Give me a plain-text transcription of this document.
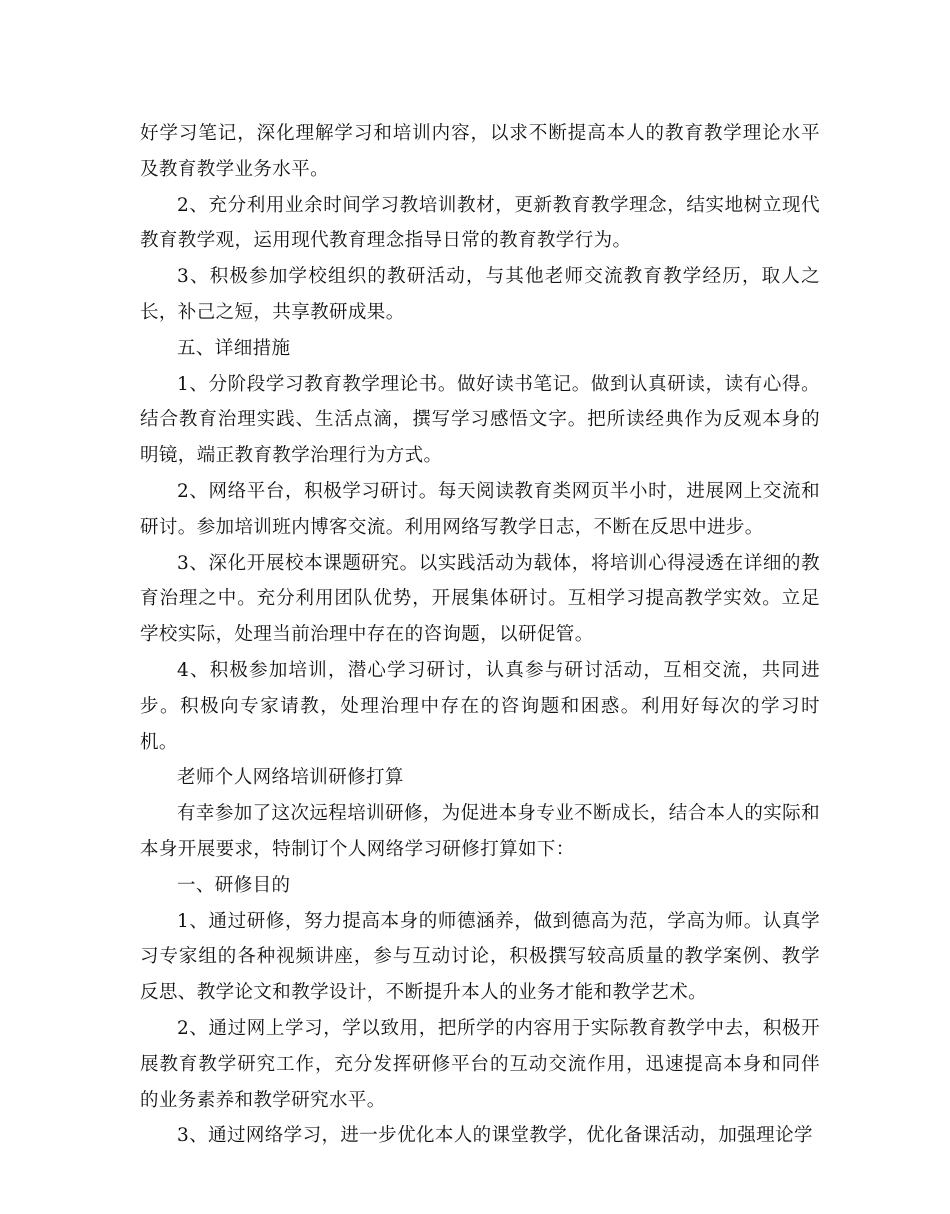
好学习笔记，深化理解学习和培训内容，以求不断提高本人的教育教学理论水平及教育教学业务水平。

2、充分利用业余时间学习教培训教材，更新教育教学理念，结实地树立现代教育教学观，运用现代教育理念指导日常的教育教学行为。

3、积极参加学校组织的教研活动，与其他老师交流教育教学经历，取人之长，补己之短，共享教研成果。

五、详细措施

1、分阶段学习教育教学理论书。做好读书笔记。做到认真研读，读有心得。结合教育治理实践、生活点滴，撰写学习感悟文字。把所读经典作为反观本身的明镜，端正教育教学治理行为方式。

2、网络平台，积极学习研讨。每天阅读教育类网页半小时，进展网上交流和研讨。参加培训班内博客交流。利用网络写教学日志，不断在反思中进步。

3、深化开展校本课题研究。以实践活动为载体，将培训心得浸透在详细的教育治理之中。充分利用团队优势，开展集体研讨。互相学习提高教学实效。立足学校实际，处理当前治理中存在的咨询题，以研促管。

4、积极参加培训，潜心学习研讨，认真参与研讨活动，互相交流，共同进步。积极向专家请教，处理治理中存在的咨询题和困惑。利用好每次的学习时机。

老师个人网络培训研修打算

有幸参加了这次远程培训研修，为促进本身专业不断成长，结合本人的实际和本身开展要求，特制订个人网络学习研修打算如下：

一、研修目的

1、通过研修，努力提高本身的师德涵养，做到德高为范，学高为师。认真学习专家组的各种视频讲座，参与互动讨论，积极撰写较高质量的教学案例、教学反思、教学论文和教学设计，不断提升本人的业务才能和教学艺术。

2、通过网上学习，学以致用，把所学的内容用于实际教育教学中去，积极开展教育教学研究工作，充分发挥研修平台的互动交流作用，迅速提高本身和同伴的业务素养和教学研究水平。

3、通过网络学习，进一步优化本人的课堂教学，优化备课活动，加强理论学
